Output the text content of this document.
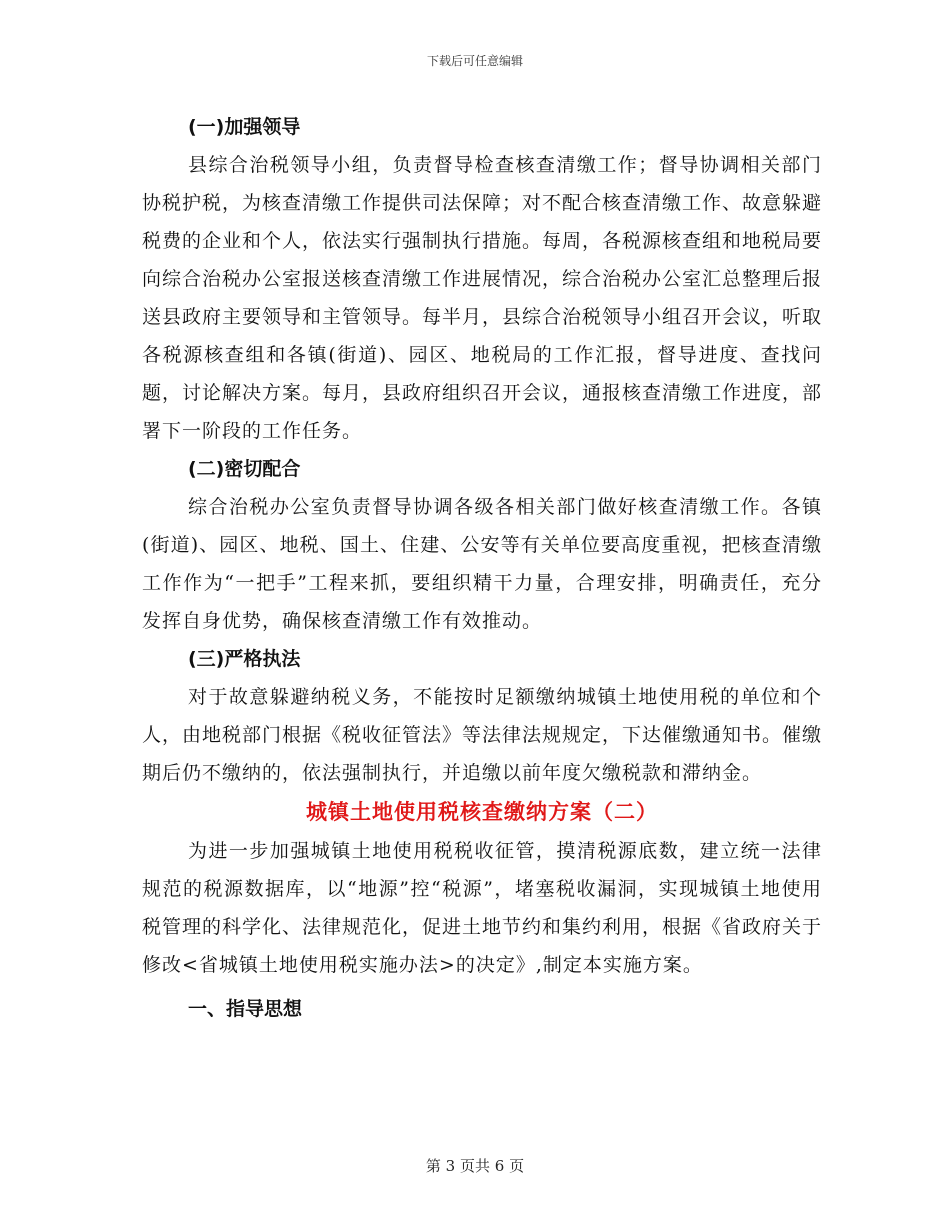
下载后可任意编辑

(一)加强领导

县综合治税领导小组，负责督导检查核查清缴工作；督导协调相关部门协税护税，为核查清缴工作提供司法保障；对不配合核查清缴工作、故意躲避税费的企业和个人，依法实行强制执行措施。每周，各税源核查组和地税局要向综合治税办公室报送核查清缴工作进展情况，综合治税办公室汇总整理后报送县政府主要领导和主管领导。每半月，县综合治税领导小组召开会议，听取各税源核查组和各镇(街道)、园区、地税局的工作汇报，督导进度、查找问题，讨论解决方案。每月，县政府组织召开会议，通报核查清缴工作进度，部署下一阶段的工作任务。

(二)密切配合

综合治税办公室负责督导协调各级各相关部门做好核查清缴工作。各镇(街道)、园区、地税、国土、住建、公安等有关单位要高度重视，把核查清缴工作作为“一把手”工程来抓，要组织精干力量，合理安排，明确责任，充分发挥自身优势，确保核查清缴工作有效推动。

(三)严格执法

对于故意躲避纳税义务，不能按时足额缴纳城镇土地使用税的单位和个人，由地税部门根据《税收征管法》等法律法规规定，下达催缴通知书。催缴期后仍不缴纳的，依法强制执行，并追缴以前年度欠缴税款和滞纳金。

城镇土地使用税核查缴纳方案（二）

为进一步加强城镇土地使用税税收征管，摸清税源底数，建立统一法律规范的税源数据库，以“地源”控“税源”，堵塞税收漏洞，实现城镇土地使用税管理的科学化、法律规范化，促进土地节约和集约利用，根据《省政府关于修改<省城镇土地使用税实施办法>的决定》,制定本实施方案。

一、指导思想

第 3 页共 6 页
